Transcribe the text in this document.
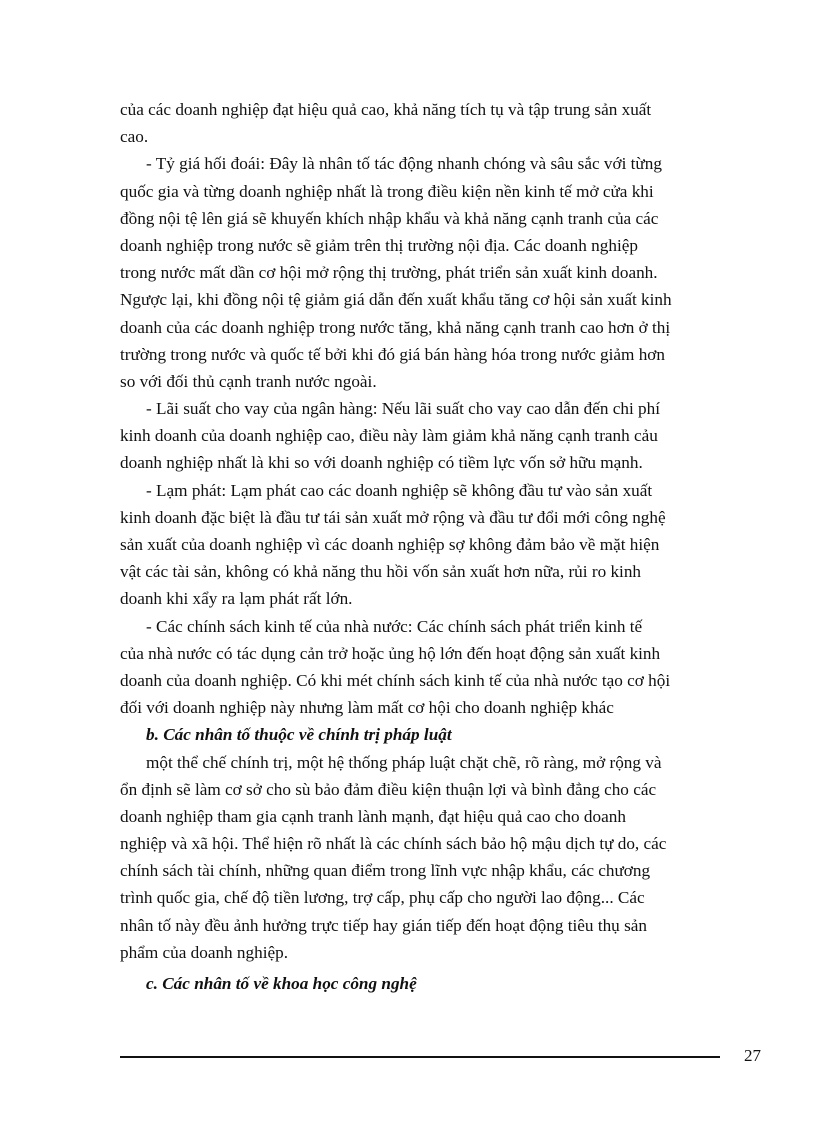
của các doanh nghiệp đạt hiệu quả cao, khả năng tích tụ và tập trung sản xuất
cao.
- Tỷ giá hối đoái: Đây là nhân tố tác động nhanh chóng và sâu sắc với từng
quốc gia và từng doanh nghiệp nhất là trong điều kiện nền kinh tế mở cửa khi
đồng nội tệ lên giá sẽ khuyến khích nhập khẩu và khả năng cạnh tranh của các
doanh nghiệp trong nước sẽ giảm trên thị trường nội địa. Các doanh nghiệp
trong nước mất dần cơ hội mở rộng thị trường, phát triển sản xuất kinh doanh.
Ngược lại, khi đồng nội tệ giảm giá dẫn đến xuất khẩu tăng cơ hội sản xuất kinh
doanh của các doanh nghiệp trong nước tăng, khả năng cạnh tranh cao hơn ở thị
trường trong nước và quốc tế bởi khi đó giá bán hàng hóa trong nước giảm hơn
so với đối thủ cạnh tranh nước ngoài.
- Lãi suất cho vay của ngân hàng: Nếu lãi suất cho vay cao dẫn đến chi phí
kinh doanh của doanh nghiệp cao, điều này làm giảm khả năng cạnh tranh cảu
doanh nghiệp nhất là khi so với doanh nghiệp có tiềm lực vốn sở hữu mạnh.
- Lạm phát: Lạm phát cao các doanh nghiệp sẽ không đầu tư vào sản xuất
kinh doanh đặc biệt là đầu tư tái sản xuất mở rộng và đầu tư đổi mới công nghệ
sản xuất của doanh nghiệp vì các doanh nghiệp sợ không đảm bảo về mặt hiện
vật các tài sản, không có khả năng thu hồi vốn sản xuất hơn nữa, rủi ro kinh
doanh khi xẩy ra lạm phát rất lớn.
- Các chính sách kinh tế của nhà nước: Các chính sách phát triển kinh tế
của nhà nước có tác dụng cản trở hoặc ủng hộ lớn đến hoạt động sản xuất kinh
doanh của doanh nghiệp. Có khi mét chính sách kinh tế của nhà nước tạo cơ hội
đối với doanh nghiệp này nhưng làm mất cơ hội cho doanh nghiệp khác
b. Các nhân tố thuộc về chính trị pháp luật
một thể chế chính trị, một hệ thống pháp luật chặt chẽ, rõ ràng, mở rộng và
ổn định sẽ làm cơ sở cho sù bảo đảm điều kiện thuận lợi và bình đẳng cho các
doanh nghiệp tham gia cạnh tranh lành mạnh, đạt hiệu quả cao cho doanh
nghiệp và xã hội. Thể hiện rõ nhất là các chính sách bảo hộ mậu dịch tự do, các
chính sách tài chính, những quan điểm trong lĩnh vực nhập khẩu, các chương
trình quốc gia, chế độ tiền lương, trợ cấp, phụ cấp cho người lao động... Các
nhân tố này đều ảnh hưởng trực tiếp hay gián tiếp đến hoạt động tiêu thụ sản
phẩm của doanh nghiệp.
c. Các nhân tố về khoa học công nghệ
27
